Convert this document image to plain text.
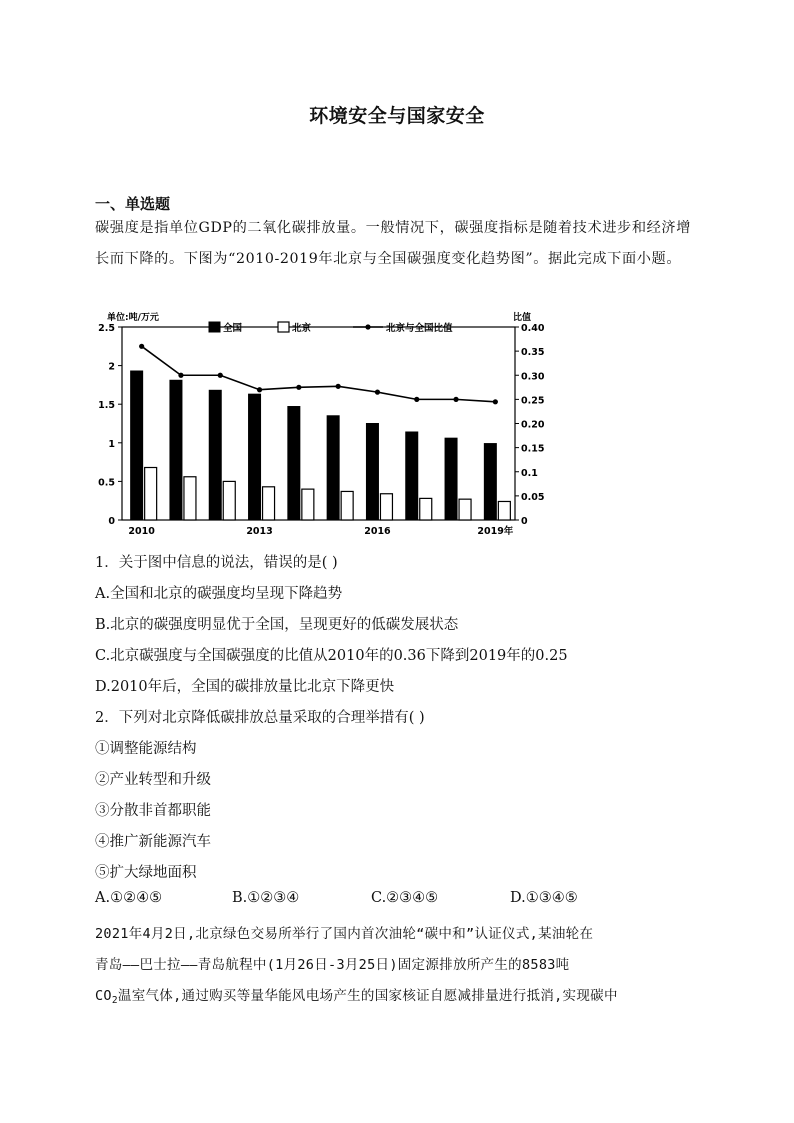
环境安全与国家安全
一、单选题
碳强度是指单位GDP的二氧化碳排放量。一般情况下，碳强度指标是随着技术进步和经济增长而下降的。下图为“2010-2019年北京与全国碳强度变化趋势图”。据此完成下面小题。
单位:吨/万元	比值
0
0.5
1
1.5
2
2.5
0
0.05
0.1
0.15
0.20
0.25
0.30
0.35
0.40
2010	2013	2016	2019年
全国	北京	北京与全国比值
1．关于图中信息的说法，错误的是( )
A.全国和北京的碳强度均呈现下降趋势
B.北京的碳强度明显优于全国，呈现更好的低碳发展状态
C.北京碳强度与全国碳强度的比值从2010年的0.36下降到2019年的0.25
D.2010年后，全国的碳排放量比北京下降更快
2．下列对北京降低碳排放总量采取的合理举措有( )
①调整能源结构
②产业转型和升级
③分散非首都职能
④推广新能源汽车
⑤扩大绿地面积
A.①②④⑤	B.①②③④	C.②③④⑤	D.①③④⑤
2021年4月2日,北京绿色交易所举行了国内首次油轮“碳中和”认证仪式,某油轮在
青岛——巴士拉——青岛航程中(1月26日-3月25日)固定源排放所产生的8583吨
$CO_2$温室气体,通过购买等量华能风电场产生的国家核证自愿减排量进行抵消,实现碳中
